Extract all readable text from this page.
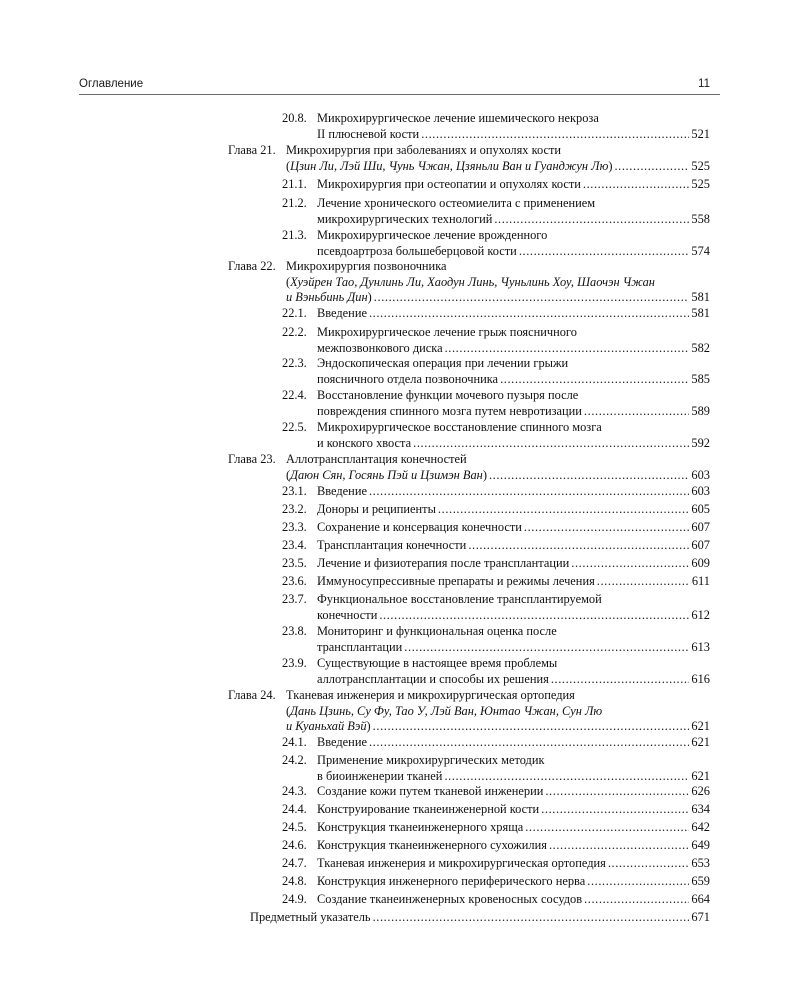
Оглавление	11
20.8. Микрохирургическое лечение ишемического некроза
II плюсневой кости .....	521
Глава 21. Микрохирургия при заболеваниях и опухолях кости
(Цзин Ли, Лэй Ши, Чунь Чжан, Цзяньли Ван и Гуанджун Лю) .....	525
21.1. Микрохирургия при остеопатии и опухолях кости .....	525
21.2. Лечение хронического остеомиелита с применением
микрохирургических технологий .....	558
21.3. Микрохирургическое лечение врожденного
псевдоартроза большеберцовой кости .....	574
Глава 22. Микрохирургия позвоночника
(Хуэйрен Тао, Дунлинь Ли, Хаодун Линь, Чуньлинь Хоу, Шаочэн Чжан
и Вэньбинь Дин) .....	581
22.1. Введение .....	581
22.2. Микрохирургическое лечение грыж поясничного
межпозвонкового диска .....	582
22.3. Эндоскопическая операция при лечении грыжи
поясничного отдела позвоночника .....	585
22.4. Восстановление функции мочевого пузыря после
повреждения спинного мозга путем невротизации .....	589
22.5. Микрохирургическое восстановление спинного мозга
и конского хвоста .....	592
Глава 23. Аллотрансплантация конечностей
(Даюн Сян, Госянь Пэй и Цзимэн Ван) .....	603
23.1. Введение .....	603
23.2. Доноры и реципиенты .....	605
23.3. Сохранение и консервация конечности .....	607
23.4. Трансплантация конечности .....	607
23.5. Лечение и физиотерапия после трансплантации .....	609
23.6. Иммуносупрессивные препараты и режимы лечения .....	611
23.7. Функциональное восстановление трансплантируемой
конечности .....	612
23.8. Мониторинг и функциональная оценка после
трансплантации .....	613
23.9. Существующие в настоящее время проблемы
аллотрансплантации и способы их решения .....	616
Глава 24. Тканевая инженерия и микрохирургическая ортопедия
(Дань Цзинь, Су Фу, Тао У, Лэй Ван, Юнтао Чжан, Сун Лю
и Куаньхай Вэй) .....	621
24.1. Введение .....	621
24.2. Применение микрохирургических методик
в биоинженерии тканей .....	621
24.3. Создание кожи путем тканевой инженерии .....	626
24.4. Конструирование тканеинженерной кости .....	634
24.5. Конструкция тканеинженерного хряща .....	642
24.6. Конструкция тканеинженерного сухожилия .....	649
24.7. Тканевая инженерия и микрохирургическая ортопедия .....	653
24.8. Конструкция инженерного периферического нерва .....	659
24.9. Создание тканеинженерных кровеносных сосудов .....	664
Предметный указатель .....	671
